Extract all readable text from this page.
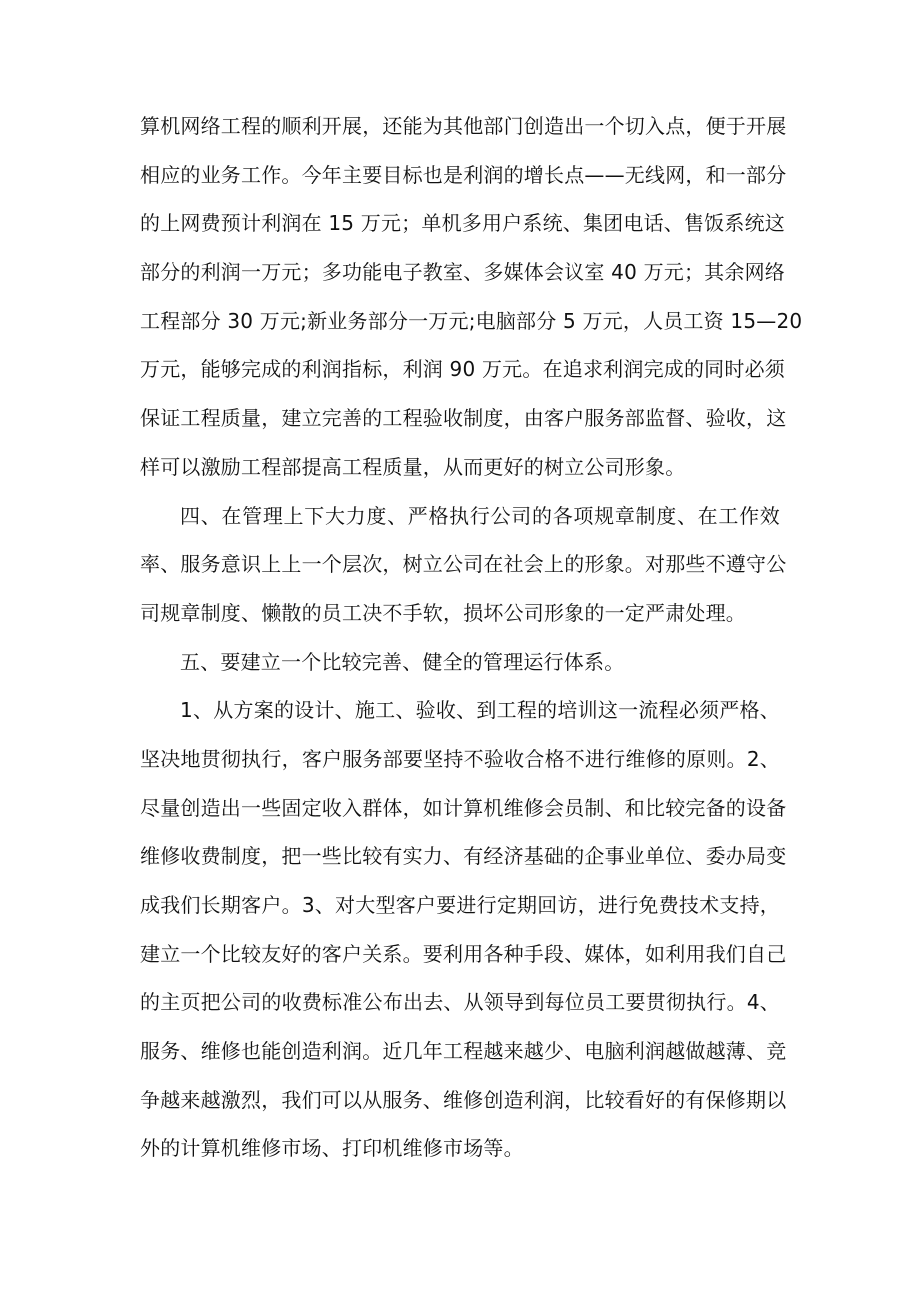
算机网络工程的顺利开展，还能为其他部门创造出一个切入点，便于开展
相应的业务工作。今年主要目标也是利润的增长点——无线网，和一部分
的上网费预计利润在 15 万元；单机多用户系统、集团电话、售饭系统这
部分的利润一万元；多功能电子教室、多媒体会议室 40 万元；其余网络
工程部分 30 万元;新业务部分一万元;电脑部分 5 万元，人员工资 15—20
万元，能够完成的利润指标，利润 90 万元。在追求利润完成的同时必须
保证工程质量，建立完善的工程验收制度，由客户服务部监督、验收，这
样可以激励工程部提高工程质量，从而更好的树立公司形象。
四、在管理上下大力度、严格执行公司的各项规章制度、在工作效
率、服务意识上上一个层次，树立公司在社会上的形象。对那些不遵守公
司规章制度、懒散的员工决不手软，损坏公司形象的一定严肃处理。
五、要建立一个比较完善、健全的管理运行体系。
1、从方案的设计、施工、验收、到工程的培训这一流程必须严格、
坚决地贯彻执行，客户服务部要坚持不验收合格不进行维修的原则。2、
尽量创造出一些固定收入群体，如计算机维修会员制、和比较完备的设备
维修收费制度，把一些比较有实力、有经济基础的企事业单位、委办局变
成我们长期客户。3、对大型客户要进行定期回访，进行免费技术支持，
建立一个比较友好的客户关系。要利用各种手段、媒体，如利用我们自己
的主页把公司的收费标准公布出去、从领导到每位员工要贯彻执行。4、
服务、维修也能创造利润。近几年工程越来越少、电脑利润越做越薄、竞
争越来越激烈，我们可以从服务、维修创造利润，比较看好的有保修期以
外的计算机维修市场、打印机维修市场等。
